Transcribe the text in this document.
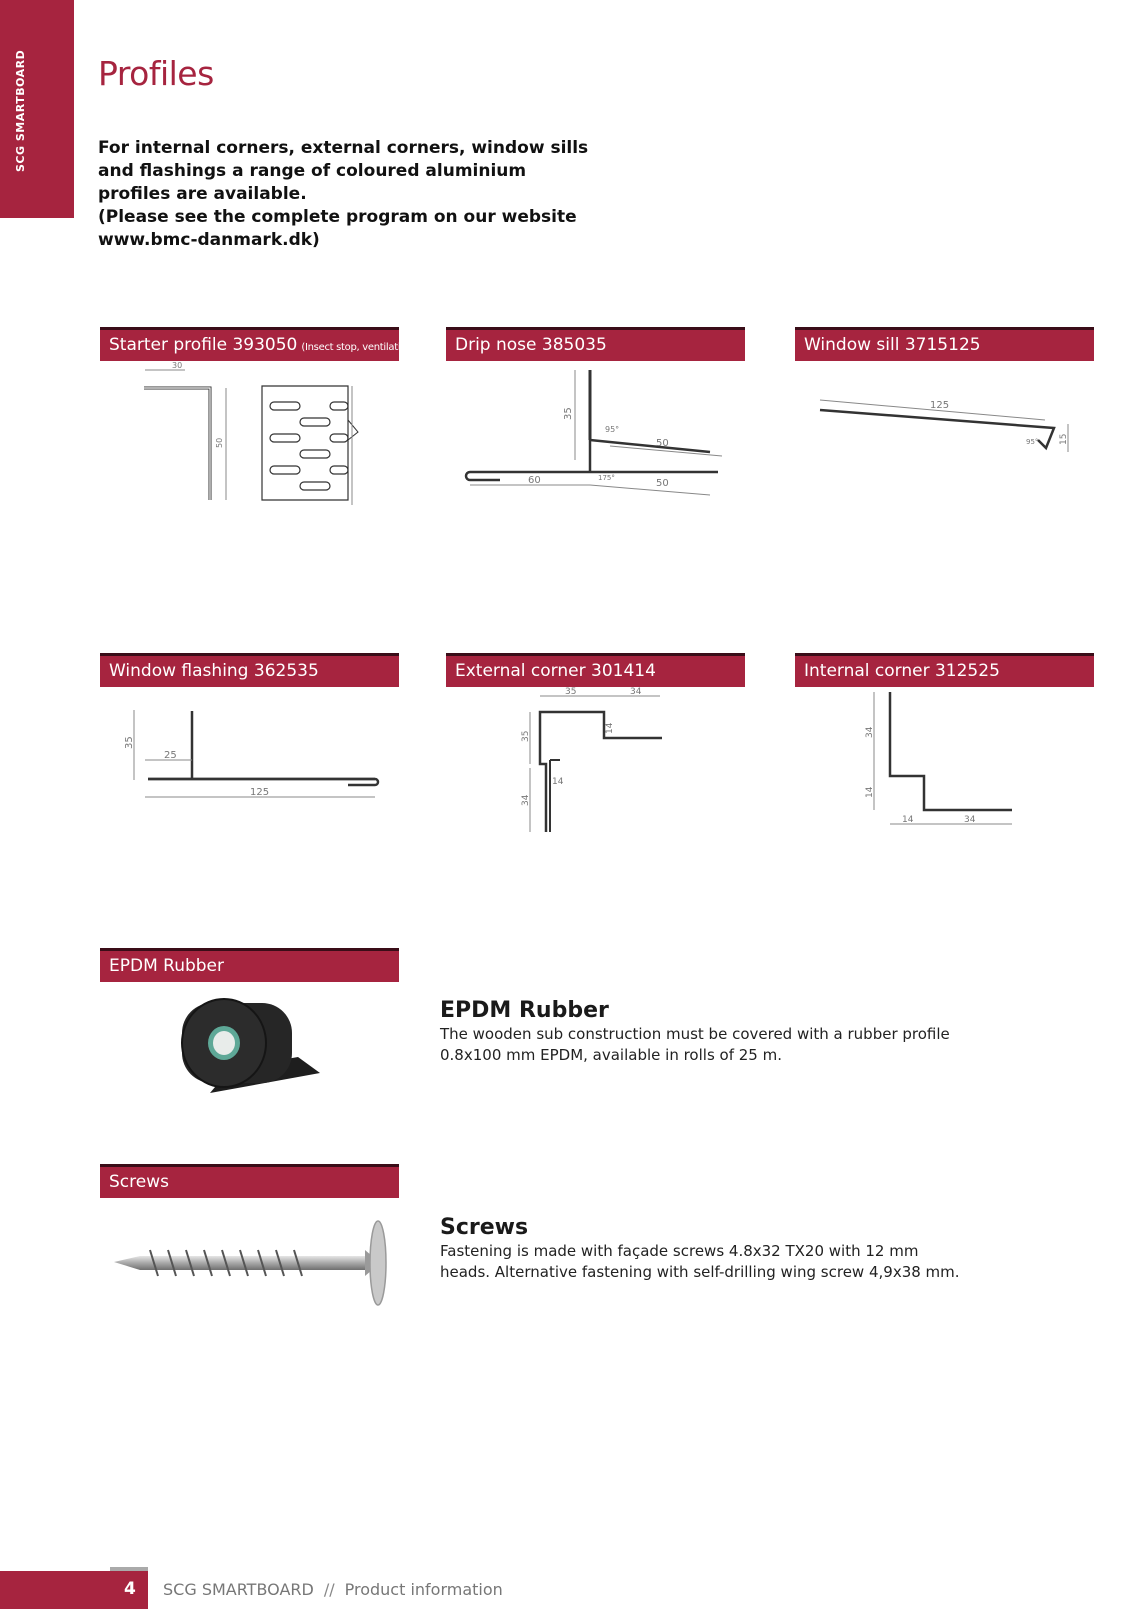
SCG SMARTBOARD Profiles

For internal corners, external corners, window sills and flashings a range of coloured aluminium profiles are available.

(Please see the complete program on our website www.bmc-danmark.dk)

Starter profile 393050 (Insect stop, ventilation)	Drip nose 385035	Window sill 3715125
30
50
35
95°
50
60	175°	50
125
95° 15
Window flashing 362535	External corner 301414	Internal corner 312525
35
25
125
35	34
14
35
14
34
34
14
14	34
EPDM Rubber
EPDM Rubber

The wooden sub construction must be covered with a rubber profile 0.8x100 mm EPDM, available in rolls of 25 m.

Screws
Screws

Fastening is made with façade screws 4.8x32 TX20 with 12 mm heads. Alternative fastening with self-drilling wing screw 4,9x38 mm.

4 SCG SMARTBOARD // Product information
